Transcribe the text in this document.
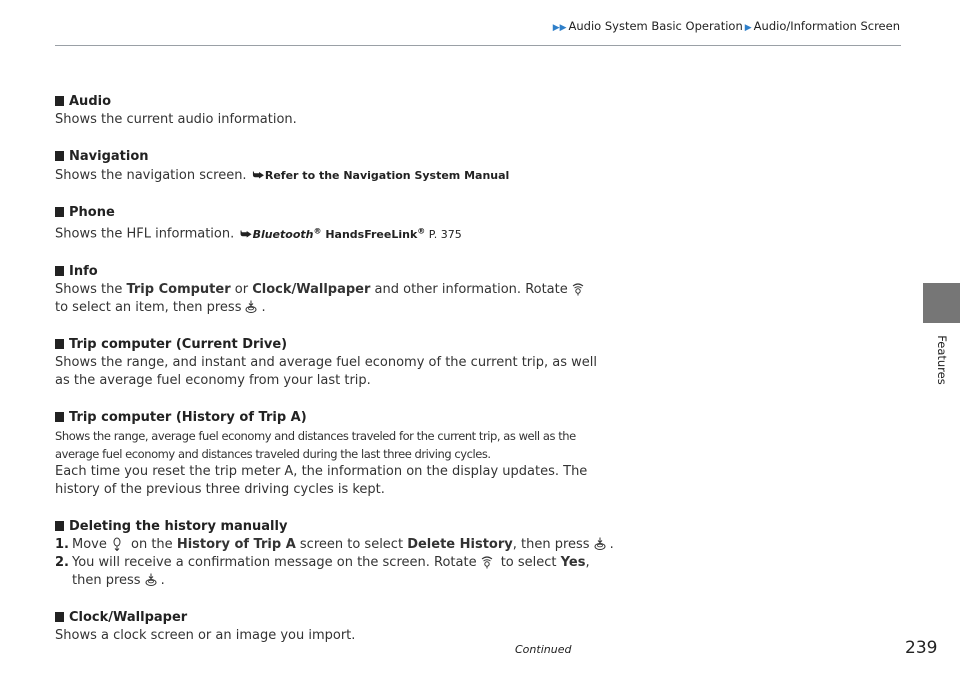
▶▶ Audio System Basic Operation ▶ Audio/Information Screen
Features
Audio

Shows the current audio information.

Navigation

Shows the navigation screen. ⮩Refer to the Navigation System Manual

Phone

Shows the HFL information. ⮩Bluetooth® HandsFreeLink® P. 375

Info

Shows the Trip Computer or Clock/Wallpaper and other information. Rotate

to select an item, then press .

Trip computer (Current Drive)

Shows the range, and instant and average fuel economy of the current trip, as well as the average fuel economy from your last trip.

Trip computer (History of Trip A)

Shows the range, average fuel economy and distances traveled for the current trip, as well as the average fuel economy and distances traveled during the last three driving cycles.

Each time you reset the trip meter A, the information on the display updates. The history of the previous three driving cycles is kept.

Deleting the history manually
1. Move
on the History of Trip A screen to select Delete History, then press .
2. You will receive a confirmation message on the screen. Rotate
to select Yes, then press .
Clock/Wallpaper

Shows a clock screen or an image you import.

Continued	239
